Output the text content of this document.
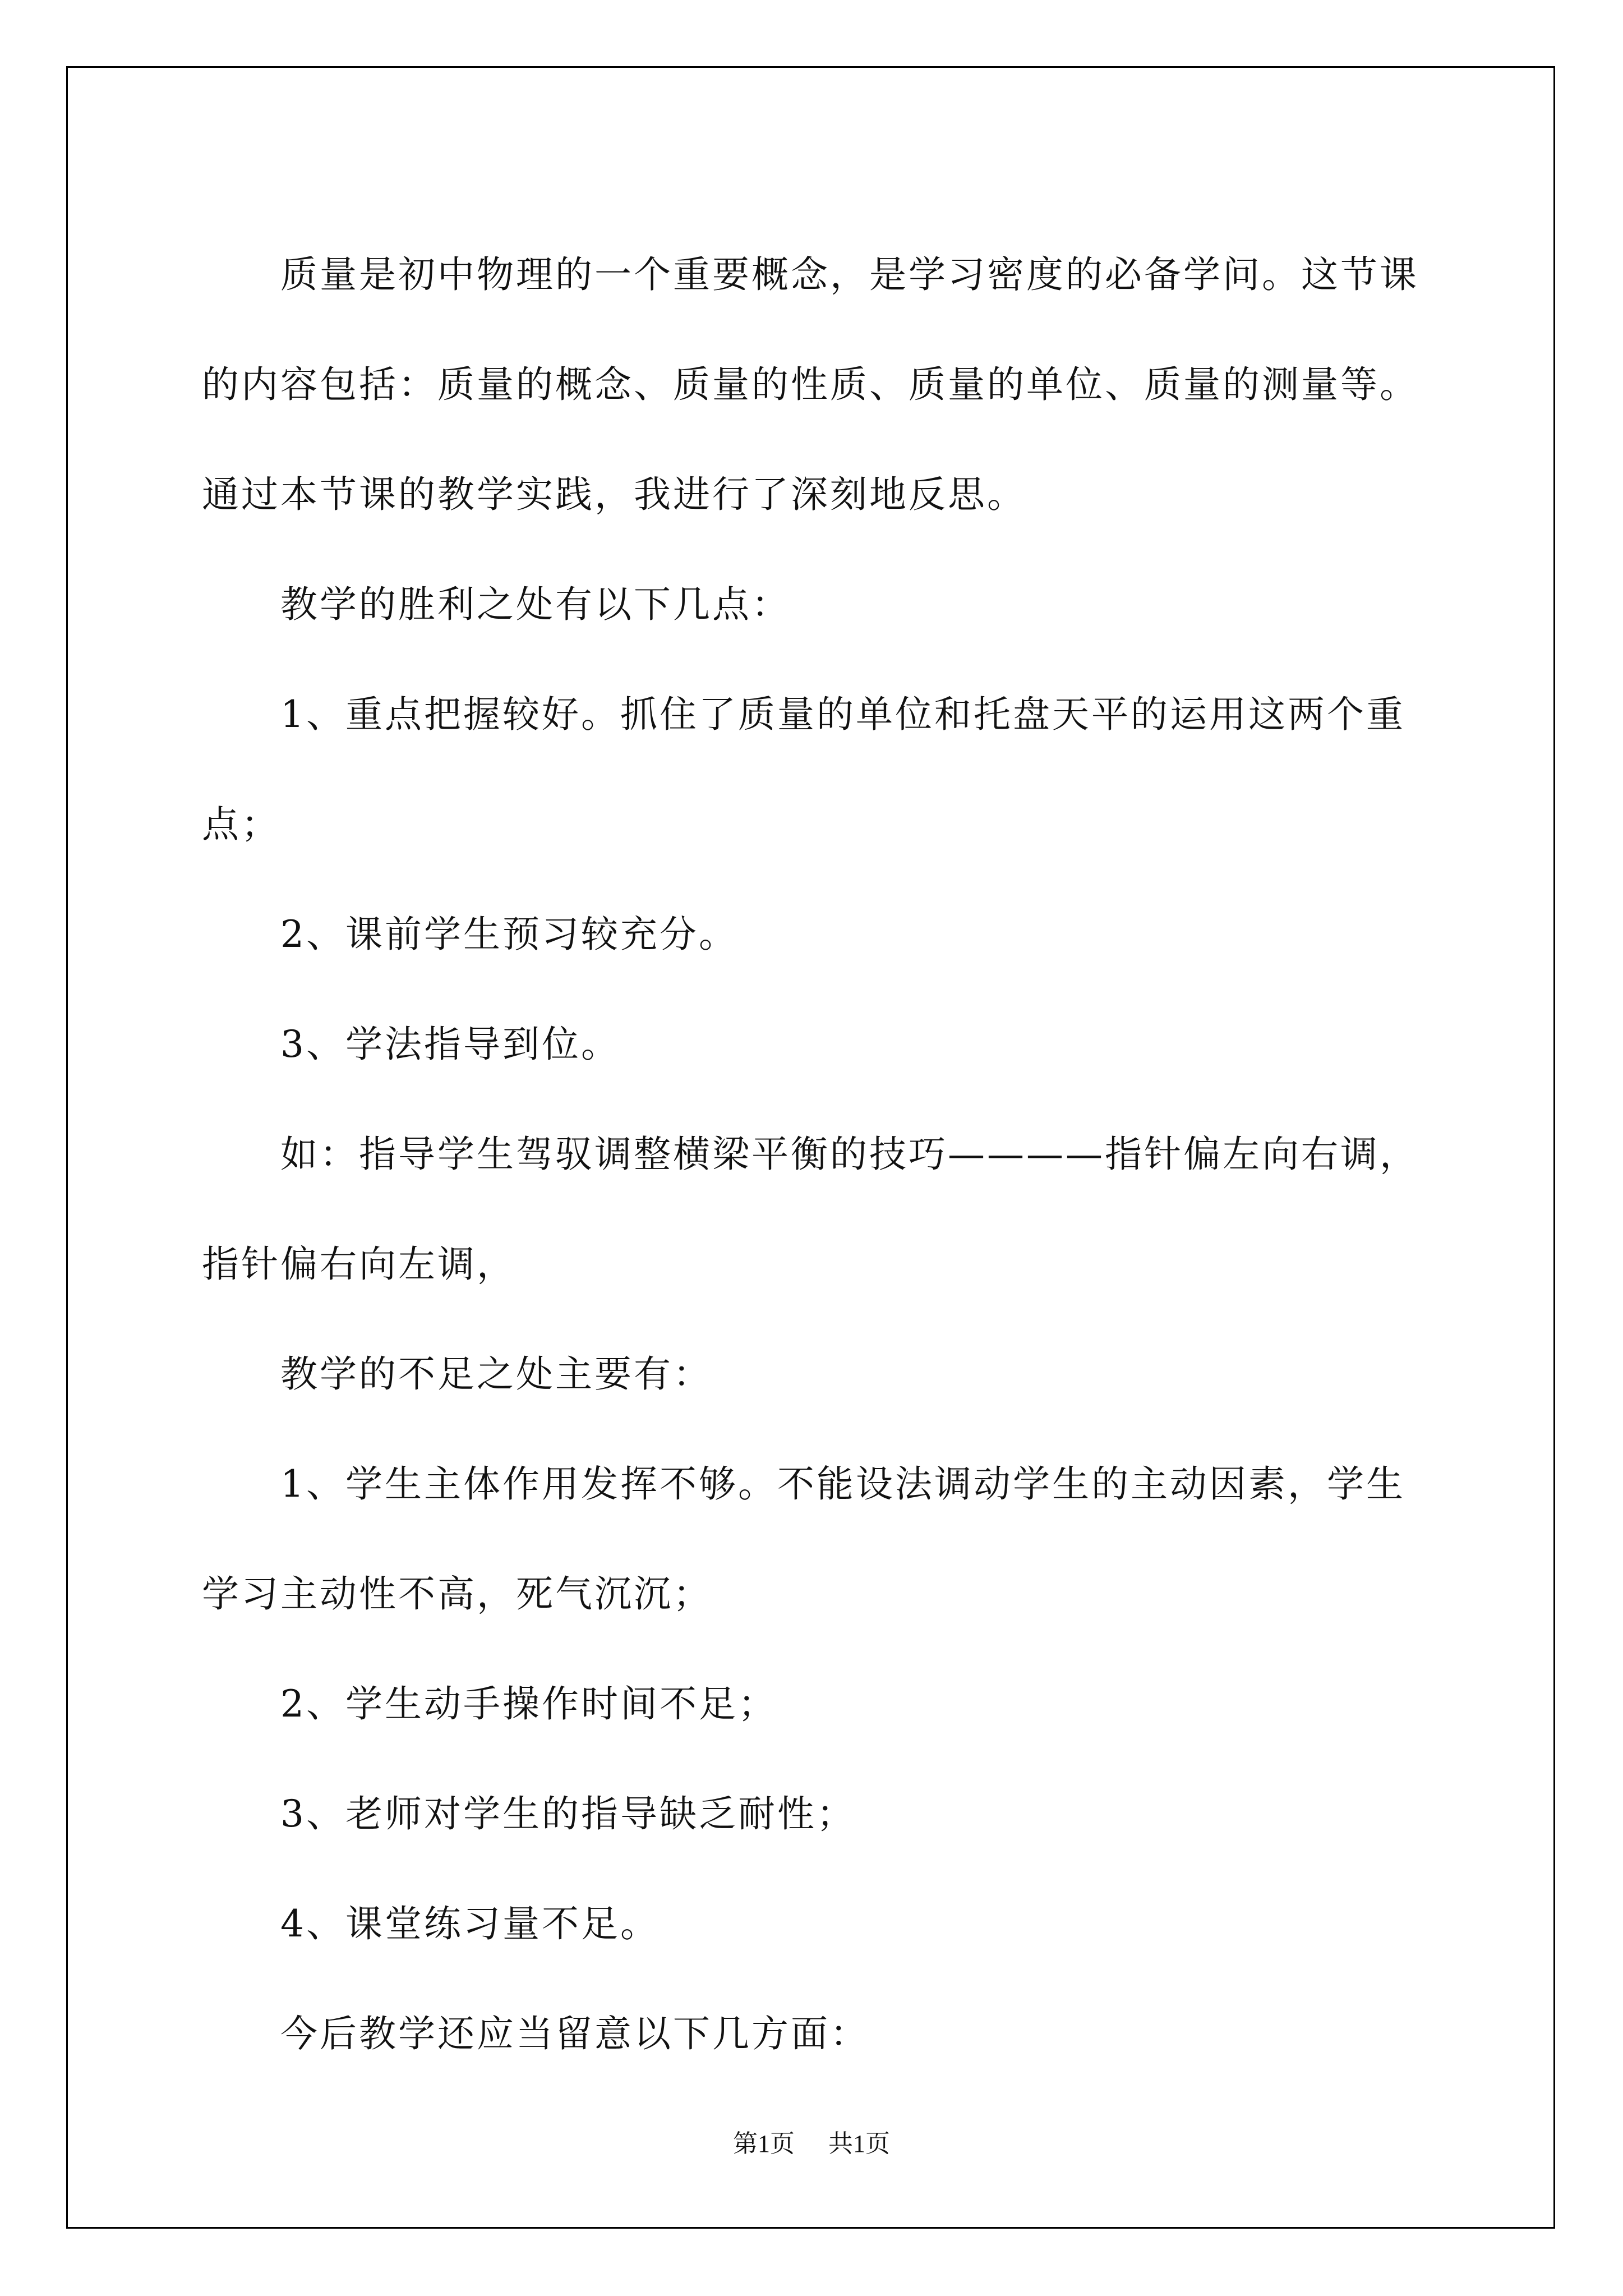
质量是初中物理的一个重要概念，是学习密度的必备学问。这节课的内容包括：质量的概念、质量的性质、质量的单位、质量的测量等。通过本节课的教学实践，我进行了深刻地反思。

教学的胜利之处有以下几点：

1、重点把握较好。抓住了质量的单位和托盘天平的运用这两个重点；

2、课前学生预习较充分。

3、学法指导到位。

如：指导学生驾驭调整横梁平衡的技巧————指针偏左向右调，指针偏右向左调，

教学的不足之处主要有：

1、学生主体作用发挥不够。不能设法调动学生的主动因素，学生学习主动性不高，死气沉沉；

2、学生动手操作时间不足；

3、老师对学生的指导缺乏耐性；

4、课堂练习量不足。

今后教学还应当留意以下几方面：

第1页 共1页
